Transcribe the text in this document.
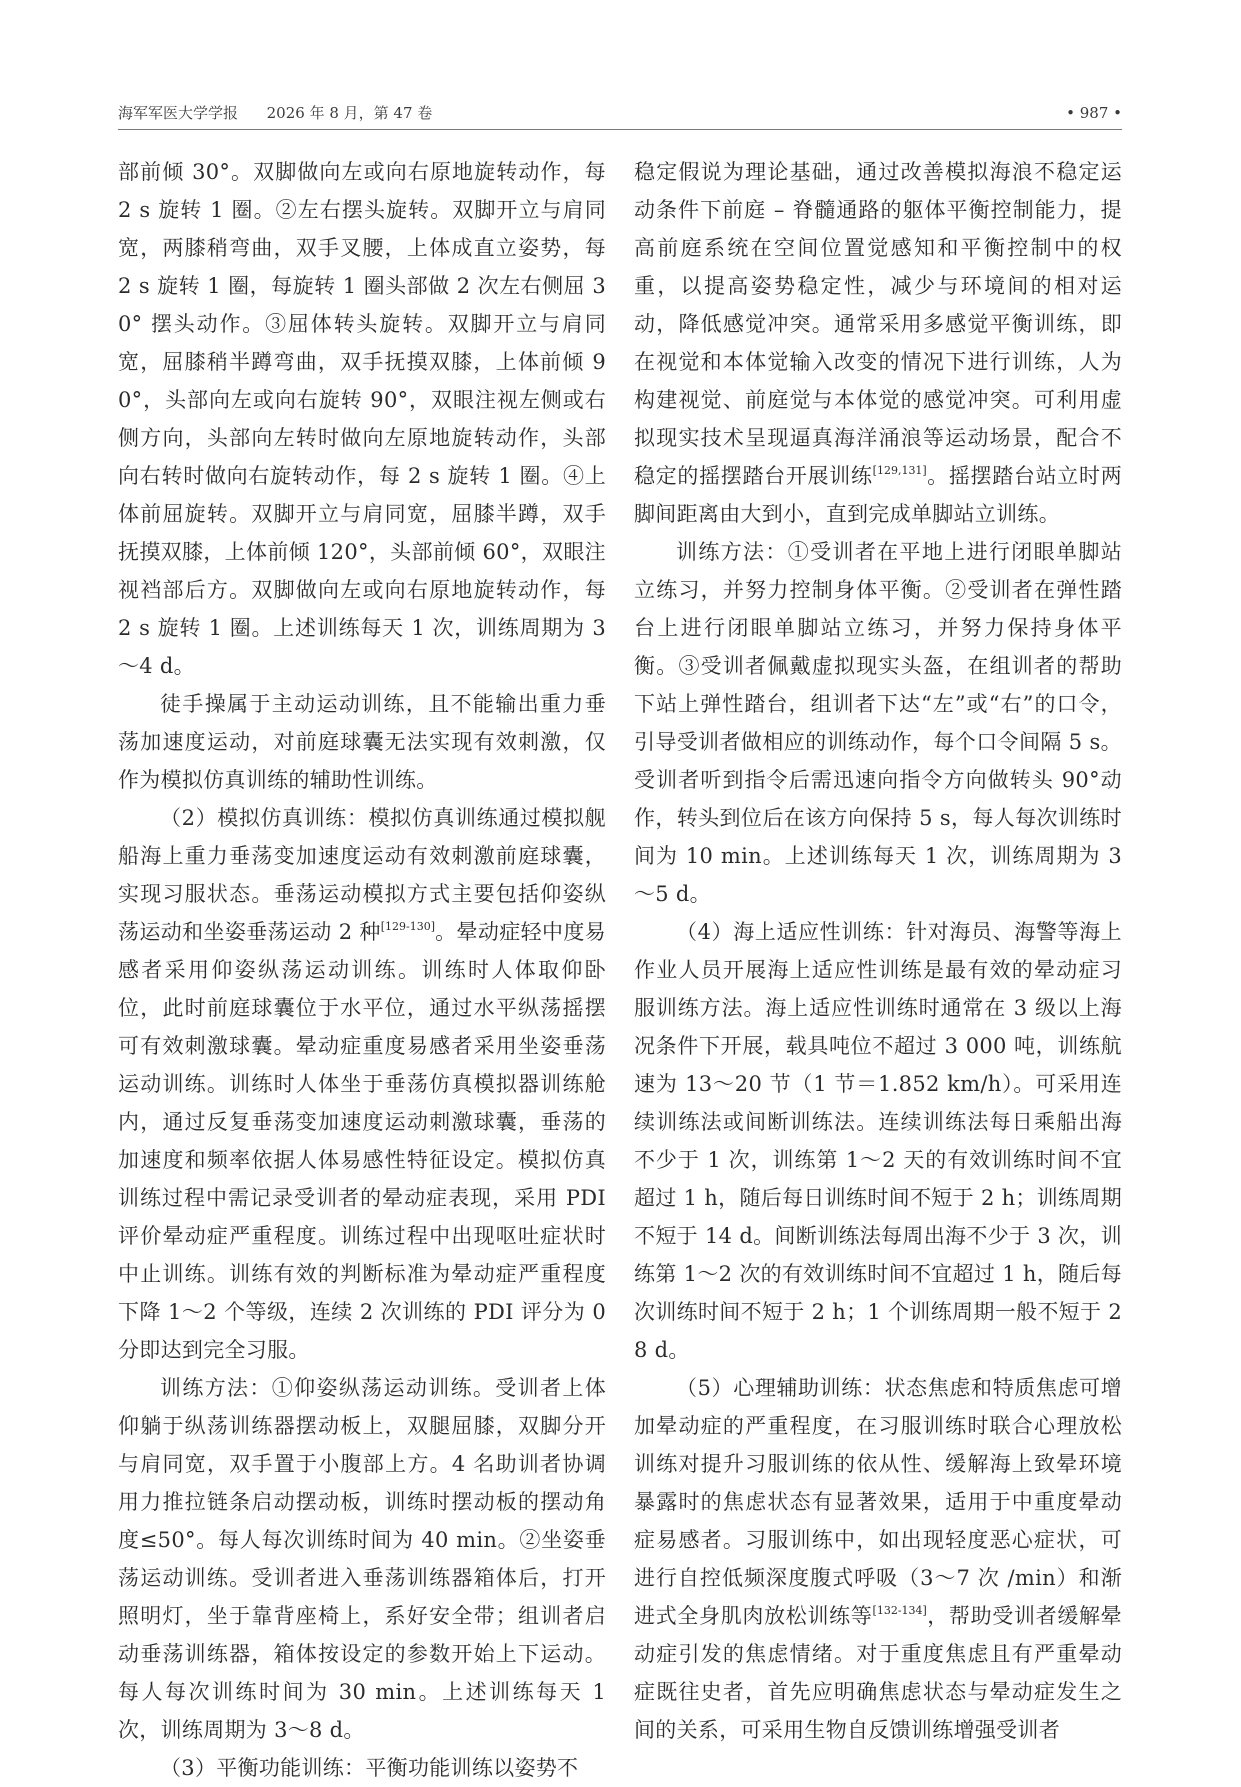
海军军医大学学报 2026 年 8 月，第 47 卷	• 987 •

部前倾 30°。双脚做向左或向右原地旋转动作，每 2 s 旋转 1 圈。②左右摆头旋转。双脚开立与肩同宽，两膝稍弯曲，双手叉腰，上体成直立姿势，每 2 s 旋转 1 圈，每旋转 1 圈头部做 2 次左右侧屈 30° 摆头动作。③屈体转头旋转。双脚开立与肩同宽，屈膝稍半蹲弯曲，双手抚摸双膝，上体前倾 90°，头部向左或向右旋转 90°，双眼注视左侧或右侧方向，头部向左转时做向左原地旋转动作，头部向右转时做向右旋转动作，每 2 s 旋转 1 圈。④上体前屈旋转。双脚开立与肩同宽，屈膝半蹲，双手抚摸双膝，上体前倾 120°，头部前倾 60°，双眼注视裆部后方。双脚做向左或向右原地旋转动作，每 2 s 旋转 1 圈。上述训练每天 1 次，训练周期为 3～4 d。

徒手操属于主动运动训练，且不能输出重力垂荡加速度运动，对前庭球囊无法实现有效刺激，仅作为模拟仿真训练的辅助性训练。

（2）模拟仿真训练：模拟仿真训练通过模拟舰船海上重力垂荡变加速度运动有效刺激前庭球囊，实现习服状态。垂荡运动模拟方式主要包括仰姿纵荡运动和坐姿垂荡运动 2 种[129-130]。晕动症轻中度易感者采用仰姿纵荡运动训练。训练时人体取仰卧位，此时前庭球囊位于水平位，通过水平纵荡摇摆可有效刺激球囊。晕动症重度易感者采用坐姿垂荡运动训练。训练时人体坐于垂荡仿真模拟器训练舱内，通过反复垂荡变加速度运动刺激球囊，垂荡的加速度和频率依据人体易感性特征设定。模拟仿真训练过程中需记录受训者的晕动症表现，采用 PDI 评价晕动症严重程度。训练过程中出现呕吐症状时中止训练。训练有效的判断标准为晕动症严重程度下降 1～2 个等级，连续 2 次训练的 PDI 评分为 0 分即达到完全习服。

训练方法：①仰姿纵荡运动训练。受训者上体仰躺于纵荡训练器摆动板上，双腿屈膝，双脚分开与肩同宽，双手置于小腹部上方。4 名助训者协调用力推拉链条启动摆动板，训练时摆动板的摆动角度≤50°。每人每次训练时间为 40 min。②坐姿垂荡运动训练。受训者进入垂荡训练器箱体后，打开照明灯，坐于靠背座椅上，系好安全带；组训者启动垂荡训练器，箱体按设定的参数开始上下运动。每人每次训练时间为 30 min。上述训练每天 1 次，训练周期为 3～8 d。

（3）平衡功能训练：平衡功能训练以姿势不

稳定假说为理论基础，通过改善模拟海浪不稳定运动条件下前庭 – 脊髓通路的躯体平衡控制能力，提高前庭系统在空间位置觉感知和平衡控制中的权重，以提高姿势稳定性，减少与环境间的相对运动，降低感觉冲突。通常采用多感觉平衡训练，即在视觉和本体觉输入改变的情况下进行训练，人为构建视觉、前庭觉与本体觉的感觉冲突。可利用虚拟现实技术呈现逼真海洋涌浪等运动场景，配合不稳定的摇摆踏台开展训练[129,131]。摇摆踏台站立时两脚间距离由大到小，直到完成单脚站立训练。

训练方法：①受训者在平地上进行闭眼单脚站立练习，并努力控制身体平衡。②受训者在弹性踏台上进行闭眼单脚站立练习，并努力保持身体平衡。③受训者佩戴虚拟现实头盔，在组训者的帮助下站上弹性踏台，组训者下达“左”或“右”的口令，引导受训者做相应的训练动作，每个口令间隔 5 s。受训者听到指令后需迅速向指令方向做转头 90°动作，转头到位后在该方向保持 5 s，每人每次训练时间为 10 min。上述训练每天 1 次，训练周期为 3～5 d。

（4）海上适应性训练：针对海员、海警等海上作业人员开展海上适应性训练是最有效的晕动症习服训练方法。海上适应性训练时通常在 3 级以上海况条件下开展，载具吨位不超过 3 000 吨，训练航速为 13～20 节（1 节＝1.852 km/h）。可采用连续训练法或间断训练法。连续训练法每日乘船出海不少于 1 次，训练第 1～2 天的有效训练时间不宜超过 1 h，随后每日训练时间不短于 2 h；训练周期不短于 14 d。间断训练法每周出海不少于 3 次，训练第 1～2 次的有效训练时间不宜超过 1 h，随后每次训练时间不短于 2 h；1 个训练周期一般不短于 28 d。

（5）心理辅助训练：状态焦虑和特质焦虑可增加晕动症的严重程度，在习服训练时联合心理放松训练对提升习服训练的依从性、缓解海上致晕环境暴露时的焦虑状态有显著效果，适用于中重度晕动症易感者。习服训练中，如出现轻度恶心症状，可进行自控低频深度腹式呼吸（3～7 次 /min）和渐进式全身肌肉放松训练等[132-134]，帮助受训者缓解晕动症引发的焦虑情绪。对于重度焦虑且有严重晕动症既往史者，首先应明确焦虑状态与晕动症发生之间的关系，可采用生物自反馈训练增强受训者
